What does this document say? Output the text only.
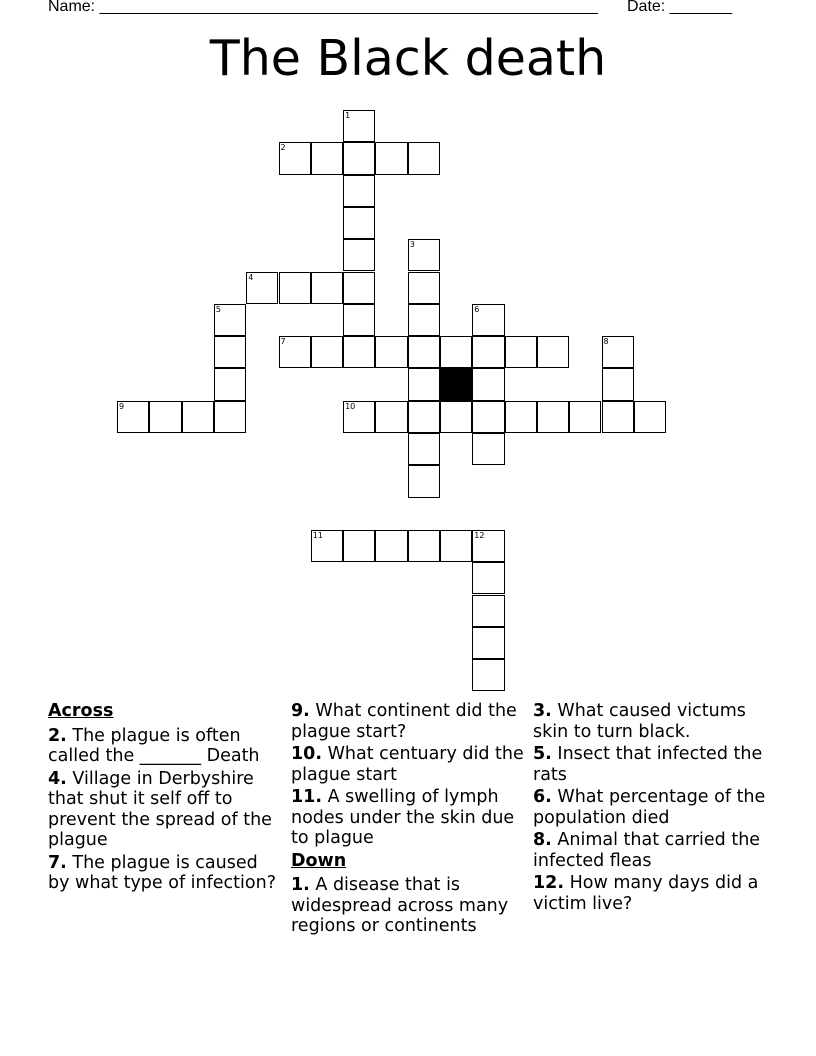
Name: ________________________________________________________ Date: _______
The Black death
2
4
7
9	10
11	12
1
3
5	6
8
Across
2. The plague is often called the _______ Death
4. Village in Derbyshire that shut it self off to prevent the spread of the plague
7. The plague is caused by what type of infection?
9. What continent did the plague start?
10. What centuary did the plague start
11. A swelling of lymph nodes under the skin due to plague
Down
1. A disease that is widespread across many regions or continents
3. What caused victums skin to turn black.
5. Insect that infected the rats
6. What percentage of the population died
8. Animal that carried the infected fleas
12. How many days did a victim live?
